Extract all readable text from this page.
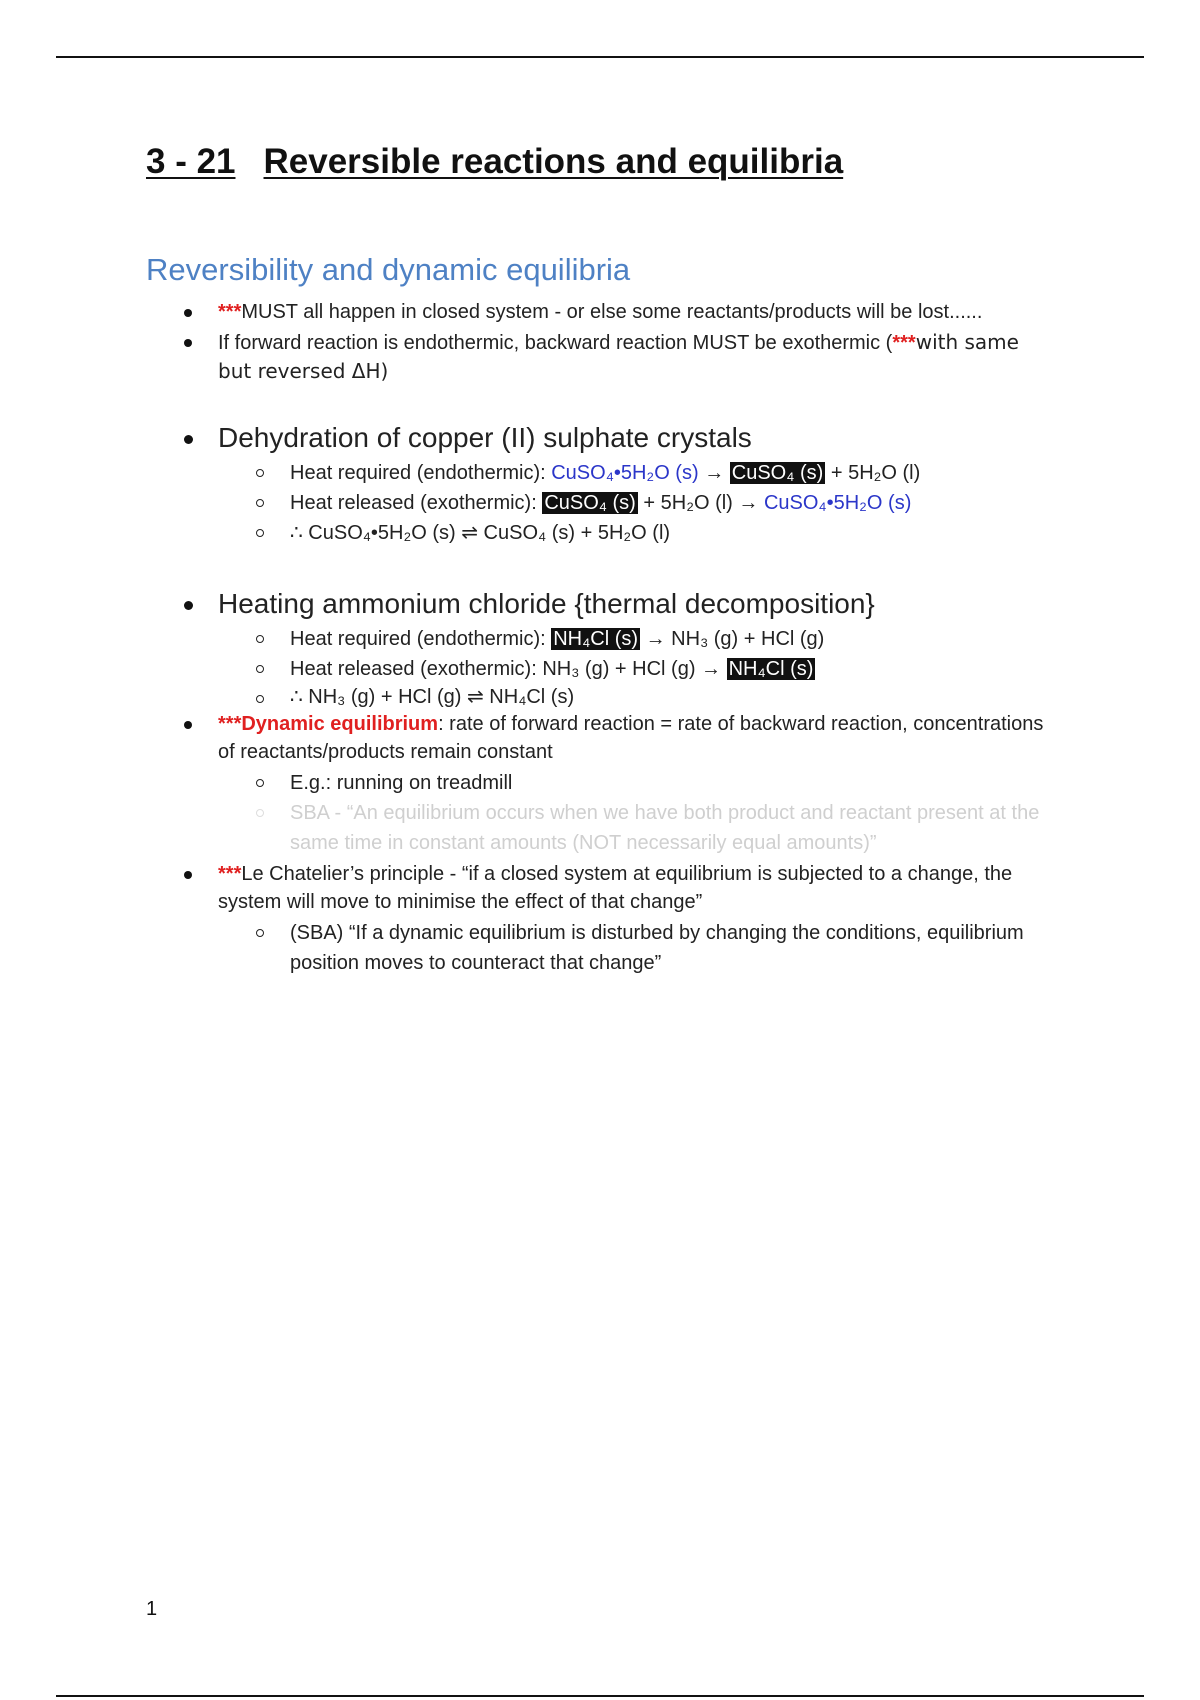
3 - 21 Reversible reactions and equilibria
Reversibility and dynamic equilibria
***MUST all happen in closed system - or else some reactants/products will be lost......
If forward reaction is endothermic, backward reaction MUST be exothermic (***with same but reversed ΔH)
Dehydration of copper (II) sulphate crystals
Heat required (endothermic): CuSO₄•5H₂O (s) → CuSO₄ (s) + 5H₂O (l)
Heat released (exothermic): CuSO₄ (s) + 5H₂O (l) → CuSO₄•5H₂O (s)
∴ CuSO₄•5H₂O (s) ⇌ CuSO₄ (s) + 5H₂O (l)
Heating ammonium chloride {thermal decomposition}
Heat required (endothermic): NH₄Cl (s) → NH₃ (g) + HCl (g)
Heat released (exothermic): NH₃ (g) + HCl (g) → NH₄Cl (s)
∴ NH₃ (g) + HCl (g) ⇌ NH₄Cl (s)
***Dynamic equilibrium: rate of forward reaction = rate of backward reaction, concentrations of reactants/products remain constant
E.g.: running on treadmill
SBA - “An equilibrium occurs when we have both product and reactant present at the same time in constant amounts (NOT necessarily equal amounts)”
***Le Chatelier’s principle - “if a closed system at equilibrium is subjected to a change, the system will move to minimise the effect of that change”
(SBA) “If a dynamic equilibrium is disturbed by changing the conditions, equilibrium position moves to counteract that change”
1
